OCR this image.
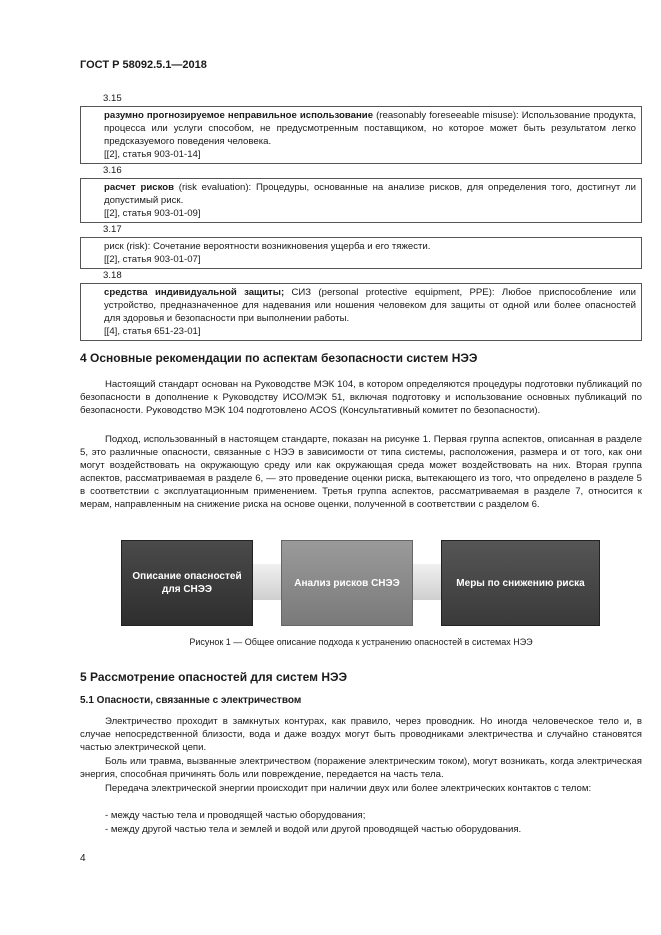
ГОСТ Р 58092.5.1—2018
3.15
разумно прогнозируемое неправильное использование (reasonably foreseeable misuse): Использование продукта, процесса или услуги способом, не предусмотренным поставщиком, но которое может быть результатом легко предсказуемого поведения человека.
[[2], статья 903-01-14]
3.16
расчет рисков (risk evaluation): Процедуры, основанные на анализе рисков, для определения того, достигнут ли допустимый риск.
[[2], статья 903-01-09]
3.17
риск (risk): Сочетание вероятности возникновения ущерба и его тяжести.
[[2], статья 903-01-07]
3.18
средства индивидуальной защиты; СИЗ (personal protective equipment, PPE): Любое приспособление или устройство, предназначенное для надевания или ношения человеком для защиты от одной или более опасностей для здоровья и безопасности при выполнении работы.
[[4], статья 651-23-01]
4 Основные рекомендации по аспектам безопасности систем НЭЭ
Настоящий стандарт основан на Руководстве МЭК 104, в котором определяются процедуры подготовки публикаций по безопасности в дополнение к Руководству ИСО/МЭК 51, включая подготовку и использование основных публикаций по безопасности. Руководство МЭК 104 подготовлено ACOS (Консультативный комитет по безопасности).
Подход, использованный в настоящем стандарте, показан на рисунке 1. Первая группа аспектов, описанная в разделе 5, это различные опасности, связанные с НЭЭ в зависимости от типа системы, расположения, размера и от того, как они могут воздействовать на окружающую среду или как окружающая среда может воздействовать на них. Вторая группа аспектов, рассматриваемая в разделе 6, — это проведение оценки риска, вытекающего из того, что определено в разделе 5 в соответствии с эксплуатационным применением. Третья группа аспектов, рассматриваемая в разделе 7, относится к мерам, направленным на снижение риска на основе оценки, полученной в соответствии с разделом 6.
Описание опасностей для СНЭЭ
Анализ рисков СНЭЭ	Меры по снижению риска
Рисунок 1 — Общее описание подхода к устранению опасностей в системах НЭЭ
5 Рассмотрение опасностей для систем НЭЭ
5.1 Опасности, связанные с электричеством
Электричество проходит в замкнутых контурах, как правило, через проводник. Но иногда человеческое тело и, в случае непосредственной близости, вода и даже воздух могут быть проводниками электричества и случайно становятся частью электрической цепи.
Боль или травма, вызванные электричеством (поражение электрическим током), могут возникать, когда электрическая энергия, способная причинять боль или повреждение, передается на часть тела.
Передача электрической энергии происходит при наличии двух или более электрических контактов с телом:
- между частью тела и проводящей частью оборудования;
- между другой частью тела и землей и водой или другой проводящей частью оборудования.
4
